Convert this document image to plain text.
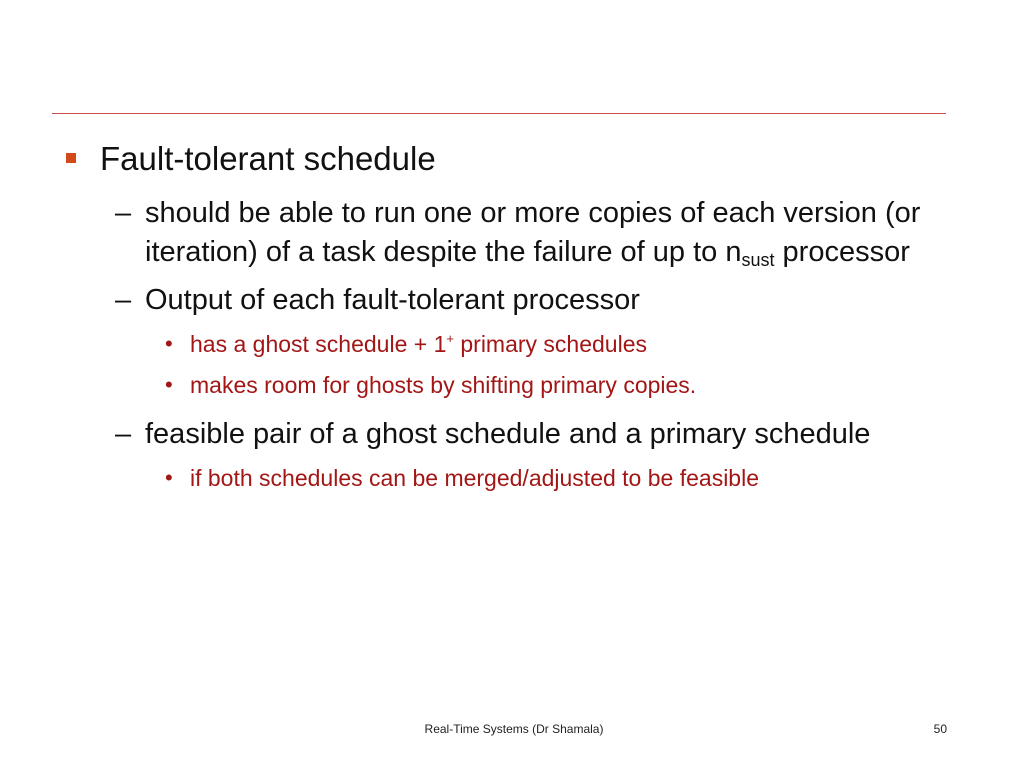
Fault-tolerant schedule
– should be able to run one or more copies of each version (or iteration) of a task despite the failure of up to $n_{sust}$ processor
– Output of each fault-tolerant processor
• has a ghost schedule + 1+ primary schedules
• makes room for ghosts by shifting primary copies.
– feasible pair of a ghost schedule and a primary schedule
• if both schedules can be merged/adjusted to be feasible
Real-Time Systems (Dr Shamala)	50
